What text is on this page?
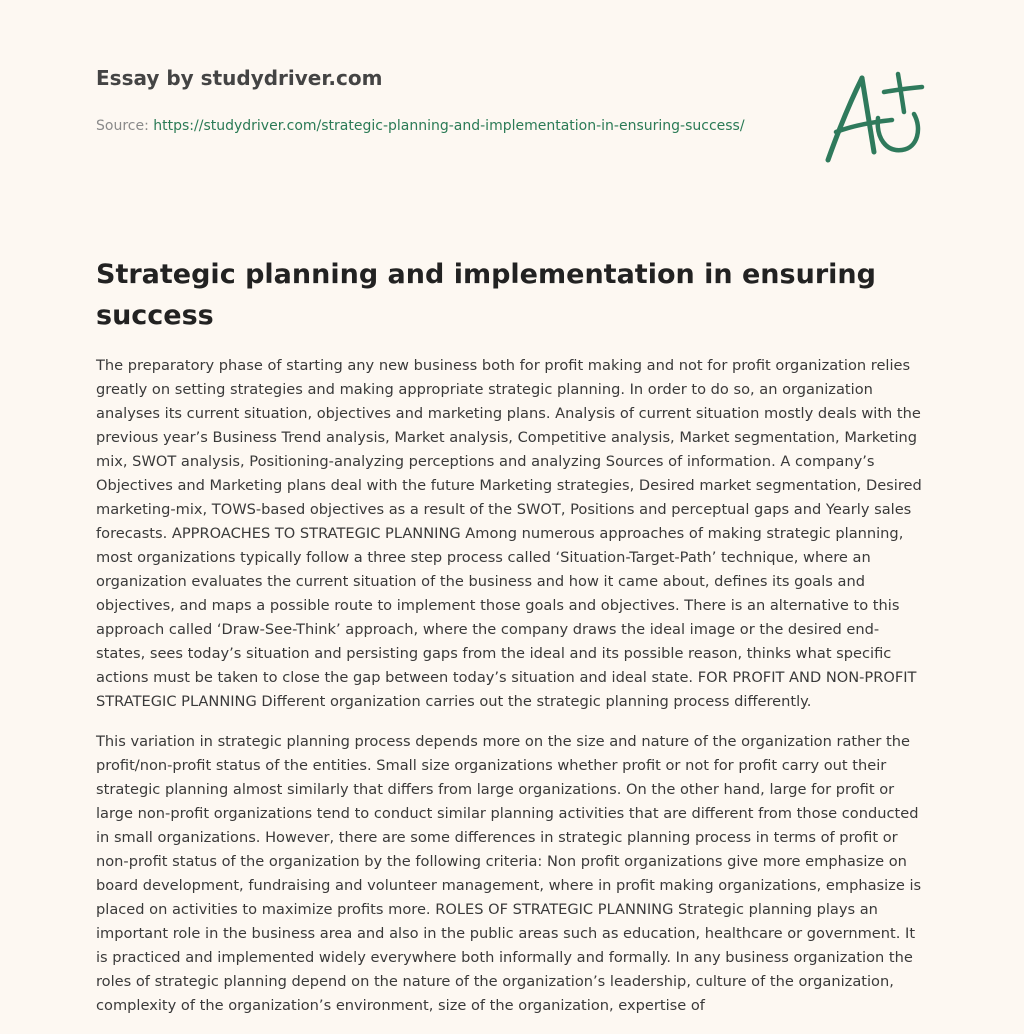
Essay by studydriver.com
Source: https://studydriver.com/strategic-planning-and-implementation-in-ensuring-success/
Strategic planning and implementation in ensuring success

The preparatory phase of starting any new business both for profit making and not for profit organization relies greatly on setting strategies and making appropriate strategic planning. In order to do so, an organization analyses its current situation, objectives and marketing plans. Analysis of current situation mostly deals with the previous year’s Business Trend analysis, Market analysis, Competitive analysis, Market segmentation, Marketing mix, SWOT analysis, Positioning-analyzing perceptions and analyzing Sources of information. A company’s Objectives and Marketing plans deal with the future Marketing strategies, Desired market segmentation, Desired marketing-mix, TOWS-based objectives as a result of the SWOT, Positions and perceptual gaps and Yearly sales forecasts. APPROACHES TO STRATEGIC PLANNING Among numerous approaches of making strategic planning, most organizations typically follow a three step process called ‘Situation-Target-Path’ technique, where an organization evaluates the current situation of the business and how it came about, defines its goals and objectives, and maps a possible route to implement those goals and objectives. There is an alternative to this approach called ‘Draw-See-Think’ approach, where the company draws the ideal image or the desired end-states, sees today’s situation and persisting gaps from the ideal and its possible reason, thinks what specific actions must be taken to close the gap between today’s situation and ideal state. FOR PROFIT AND NON-PROFIT STRATEGIC PLANNING Different organization carries out the strategic planning process differently.

This variation in strategic planning process depends more on the size and nature of the organization rather the profit/non-profit status of the entities. Small size organizations whether profit or not for profit carry out their strategic planning almost similarly that differs from large organizations. On the other hand, large for profit or large non-profit organizations tend to conduct similar planning activities that are different from those conducted in small organizations. However, there are some differences in strategic planning process in terms of profit or non-profit status of the organization by the following criteria: Non profit organizations give more emphasize on board development, fundraising and volunteer management, where in profit making organizations, emphasize is placed on activities to maximize profits more. ROLES OF STRATEGIC PLANNING Strategic planning plays an important role in the business area and also in the public areas such as education, healthcare or government. It is practiced and implemented widely everywhere both informally and formally. In any business organization the roles of strategic planning depend on the nature of the organization’s leadership, culture of the organization, complexity of the organization’s environment, size of the organization, expertise of
